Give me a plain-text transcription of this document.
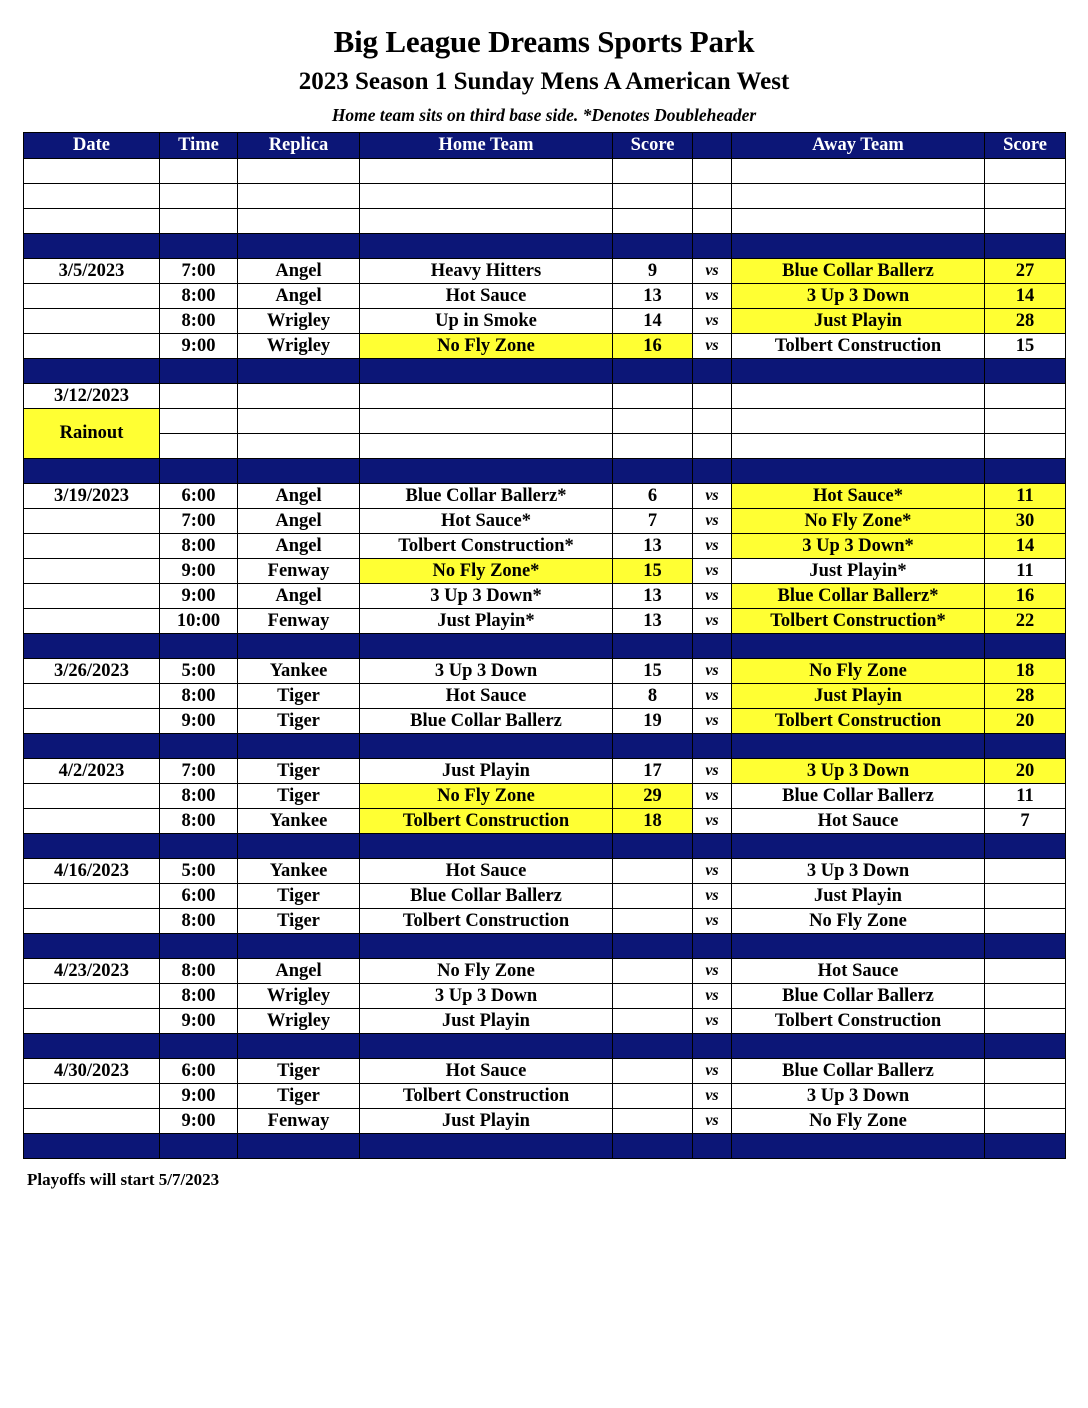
Big League Dreams Sports Park
2023 Season 1 Sunday Mens A American West
Home team sits on third base side. *Denotes Doubleheader
Date	Time	Replica	Home Team	Score		Away Team	Score

3/5/2023	7:00	Angel	Heavy Hitters	9	vs	Blue Collar Ballerz	27
	8:00	Angel	Hot Sauce	13	vs	3 Up 3 Down	14
	8:00	Wrigley	Up in Smoke	14	vs	Just Playin	28
	9:00	Wrigley	No Fly Zone	16	vs	Tolbert Construction	15

3/12/2023							
Rainout							

3/19/2023	6:00	Angel	Blue Collar Ballerz*	6	vs	Hot Sauce*	11
	7:00	Angel	Hot Sauce*	7	vs	No Fly Zone*	30
	8:00	Angel	Tolbert Construction*	13	vs	3 Up 3 Down*	14
	9:00	Fenway	No Fly Zone*	15	vs	Just Playin*	11
	9:00	Angel	3 Up 3 Down*	13	vs	Blue Collar Ballerz*	16
	10:00	Fenway	Just Playin*	13	vs	Tolbert Construction*	22

3/26/2023	5:00	Yankee	3 Up 3 Down	15	vs	No Fly Zone	18
	8:00	Tiger	Hot Sauce	8	vs	Just Playin	28
	9:00	Tiger	Blue Collar Ballerz	19	vs	Tolbert Construction	20

4/2/2023	7:00	Tiger	Just Playin	17	vs	3 Up 3 Down	20
	8:00	Tiger	No Fly Zone	29	vs	Blue Collar Ballerz	11
	8:00	Yankee	Tolbert Construction	18	vs	Hot Sauce	7

4/16/2023	5:00	Yankee	Hot Sauce		vs	3 Up 3 Down	
	6:00	Tiger	Blue Collar Ballerz		vs	Just Playin	
	8:00	Tiger	Tolbert Construction		vs	No Fly Zone	

4/23/2023	8:00	Angel	No Fly Zone		vs	Hot Sauce	
	8:00	Wrigley	3 Up 3 Down		vs	Blue Collar Ballerz	
	9:00	Wrigley	Just Playin		vs	Tolbert Construction	

4/30/2023	6:00	Tiger	Hot Sauce		vs	Blue Collar Ballerz	
	9:00	Tiger	Tolbert Construction		vs	3 Up 3 Down	
	9:00	Fenway	Just Playin		vs	No Fly Zone	

Playoffs will start 5/7/2023
